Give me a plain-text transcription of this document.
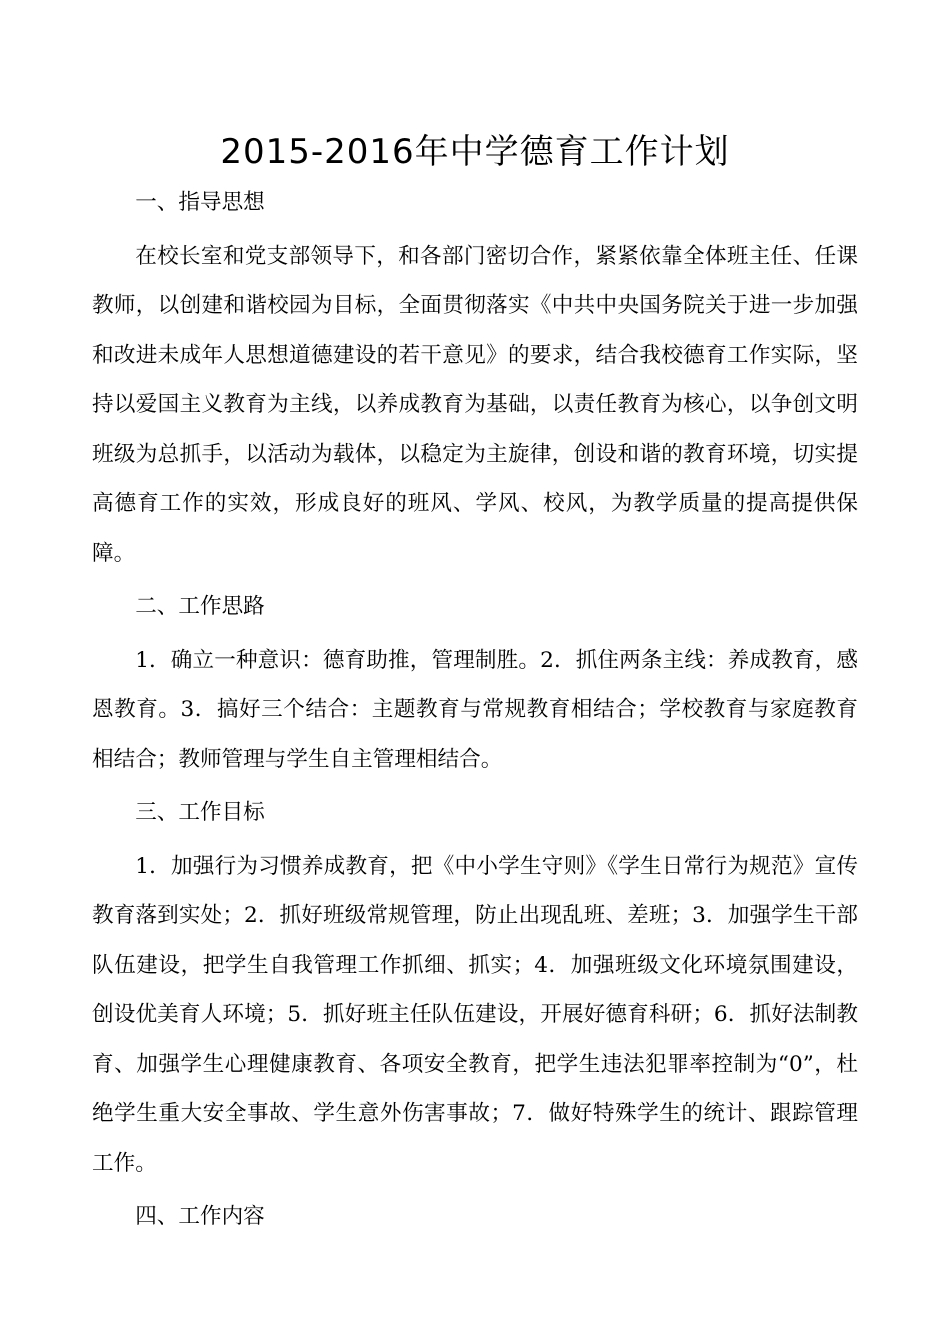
2015-2016年中学德育工作计划

一、指导思想

在校长室和党支部领导下，和各部门密切合作，紧紧依靠全体班主任、任课教师，以创建和谐校园为目标，全面贯彻落实《中共中央国务院关于进一步加强和改进未成年人思想道德建设的若干意见》的要求，结合我校德育工作实际，坚持以爱国主义教育为主线，以养成教育为基础，以责任教育为核心，以争创文明班级为总抓手，以活动为载体，以稳定为主旋律，创设和谐的教育环境，切实提高德育工作的实效，形成良好的班风、学风、校风，为教学质量的提高提供保障。

二、工作思路

1．确立一种意识：德育助推，管理制胜。2．抓住两条主线：养成教育，感恩教育。3．搞好三个结合：主题教育与常规教育相结合；学校教育与家庭教育相结合；教师管理与学生自主管理相结合。

三、工作目标

1．加强行为习惯养成教育，把《中小学生守则》《学生日常行为规范》宣传教育落到实处；2．抓好班级常规管理，防止出现乱班、差班；3．加强学生干部队伍建设，把学生自我管理工作抓细、抓实；4．加强班级文化环境氛围建设，创设优美育人环境；5．抓好班主任队伍建设，开展好德育科研；6．抓好法制教育、加强学生心理健康教育、各项安全教育，把学生违法犯罪率控制为“0”，杜绝学生重大安全事故、学生意外伤害事故；7．做好特殊学生的统计、跟踪管理工作。

四、工作内容
